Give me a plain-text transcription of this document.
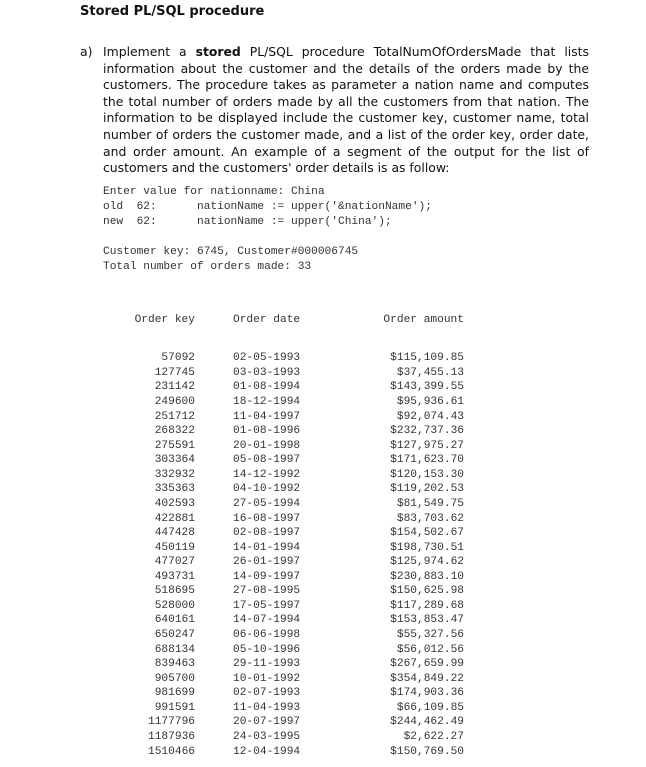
Stored PL/SQL procedure
a) Implement a stored PL/SQL procedure TotalNumOfOrdersMade that lists information about the customer and the details of the orders made by the customers. The procedure takes as parameter a nation name and computes the total number of orders made by all the customers from that nation. The information to be displayed include the customer key, customer name, total number of orders the customer made, and a list of the order key, order date, and order amount. An example of a segment of the output for the list of customers and the customers' order details is as follow:
Enter value for nationname: China
old  62:      nationName := upper('&nationName');
new  62:      nationName := upper('China');
Customer key: 6745, Customer#000006745
Total number of orders made: 33

Order key	Order date	Order amount

57092	02-05-1993	$115,109.85
127745	03-03-1993	$37,455.13
231142	01-08-1994	$143,399.55
249600	18-12-1994	$95,936.61
251712	11-04-1997	$92,074.43
268322	01-08-1996	$232,737.36
275591	20-01-1998	$127,975.27
303364	05-08-1997	$171,623.70
332932	14-12-1992	$120,153.30
335363	04-10-1992	$119,202.53
402593	27-05-1994	$81,549.75
422881	16-08-1997	$83,703.62
447428	02-08-1997	$154,502.67
450119	14-01-1994	$198,730.51
477027	26-01-1997	$125,974.62
493731	14-09-1997	$230,883.10
518695	27-08-1995	$150,625.98
528000	17-05-1997	$117,289.68
640161	14-07-1994	$153,853.47
650247	06-06-1998	$55,327.56
688134	05-10-1996	$56,012.56
839463	29-11-1993	$267,659.99
905700	10-01-1992	$354,849.22
981699	02-07-1993	$174,903.36
991591	11-04-1993	$66,109.85
1177796	20-07-1997	$244,462.49
1187936	24-03-1995	$2,622.27
1510466	12-04-1994	$150,769.50
